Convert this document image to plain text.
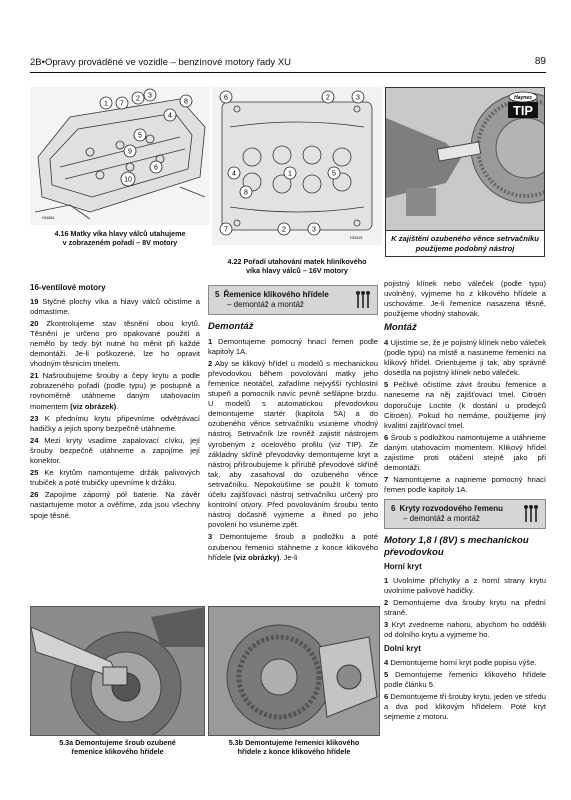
2B•Opravy prováděné ve vozidle – benzínové motory řady XU	89
1
2 3
4
5
6
7	8
9
10
H24854
4.16 Matky víka hlavy válců utahujeme
v zobrazeném pořadí – 8V motory
6	2	3
4	1	5
8
7	2	3
H32415
4.22 Pořadí utahování matek hliníkového
víka hlavy válců – 16V motory
Haynes
TIP
K zajištění ozubeného věnce setrvačníku použijeme podobný nástroj
16-ventilové motory

19 Styčné plochy víka a hlavy válců očistíme a odmastíme.

20 Zkontrolujeme stav těsnění obou krytů. Těsnění je určeno pro opakované použití a nemělo by tedy být nutné ho měnit při každé demontáži. Je-li poškozené, lze ho opravit vhodným těsnicím tmelem.

21 Našroubujeme šrouby a čepy krytu a podle zobrazeného pořadí (podle typu) je postupně a rovnoměrně utáhneme daným utahovacím momentem (viz obrázek).

23 K přednímu krytu připevníme odvětrávací hadičky a jejich spony bezpečně utáhneme.

24 Mezi kryty vsadíme zapalovací cívku, její šrouby bezpečně utáhneme a zapojíme její konektor.

25 Ke krytům namontujeme držák palivových trubiček a poté trubičky upevníme k držáku.

26 Zapojíme záporný pól baterie. Na závěr nastartujeme motor a ověříme, zda jsou všechny spoje těsné.

5 Řemenice klikového hřídele
– demontáž a montáž
Demontáž

1 Demontujeme pomocný hnací řemen podle kapitoly 1A.

2 Aby se klikový hřídel u modelů s mechanickou převodovkou během povolování matky jeho řemenice neotáčel, zařadíme nejvyšší rychlostní stupeň a pomocník navíc pevně sešlápne brzdu. U modelů s automatickou převodovkou demontujeme startér (kapitola 5A) a do ozubeného věnce setrvačníku vsuneme vhodný nástroj. Setrvačník lze rovněž zajistit nástrojem vyrobeným z ocelového profilu (viz TIP). Ze základny skříně převodovky demontujeme kryt a nástroj přišroubujeme k přírubě převodové skříně tak, aby zasahoval do ozubeného věnce setrvačníku. Nepokoušíme se použít k tomuto účelu zajišťovací nástroj setrvačníku určený pro kontrolní otvory. Před povolováním šroubu tento nástroj dočasně vyjmeme a ihned po jeho povolení ho vsuneme zpět.

3 Demontujeme šroub a podložku a poté ozubenou řemenici stáhneme z konce klikového hřídele (viz obrázky). Je-li

pojistný klínek nebo váleček (podle typu) uvolněný, vyjmeme ho z klikového hřídele a uschováme. Je-li řemenice nasazena těsně, použijeme vhodný stahovák.

Montáž

4 Ujistíme se, že je pojistný klínek nebo váleček (podle typu) na místě a nasuneme řemenici na klikový hřídel. Orientujeme ji tak, aby správně dosedla na pojistný klínek nebo váleček.

5 Pečlivě očistíme závit šroubu řemenice a naneseme na něj zajišťovací tmel. Citroën doporučuje Loctite (k dostání u prodejců Citroën). Pokud ho nemáme, použijeme jiný kvalitní zajišťovací tmel.

6 Šroub s podložkou namontujeme a utáhneme daným utahovacím momentem. Klikový hřídel zajistíme proti otáčení stejně jako při demontáži.

7 Namontujeme a napneme pomocný hnací řemen podle kapitoly 1A.

6 Kryty rozvodového řemenu
– demontáž a montáž
Motory 1,8 l (8V) s mechanickou převodovkou
Horní kryt

1 Uvolníme příchytky a z horní strany krytu uvolníme palivové hadičky.

2 Demontujeme dva šrouby krytu na přední straně.

3 Kryt zvedneme nahoru, abychom ho oddělili od dolního krytu a vyjmeme ho.

Dolní kryt

4 Demontujeme horní kryt podle popisu výše.

5 Demontujeme řemenici klikového hřídele podle článku 5.

6 Demontujeme tři šrouby krytu, jeden ve středu a dva pod klikovým hřídelem. Poté kryt sejmeme z motoru.

5.3a Demontujeme šroub ozubené
řemenice klikového hřídele
5.3b Demontujeme řemenici klikového
hřídele z konce klikového hřídele
